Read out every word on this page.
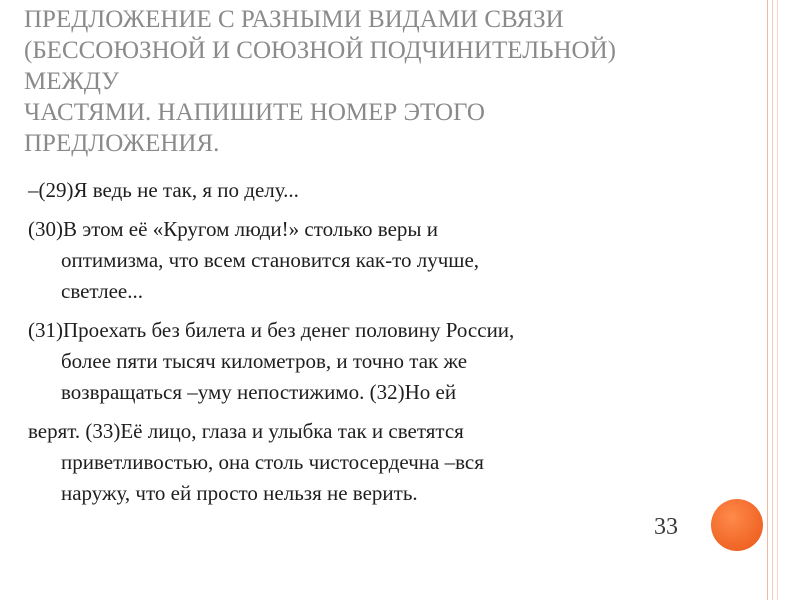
ПРЕДЛОЖЕНИЕ С РАЗНЫМИ ВИДАМИ СВЯЗИ
(БЕССОЮЗНОЙ И СОЮЗНОЙ ПОДЧИНИТЕЛЬНОЙ)
МЕЖДУ
ЧАСТЯМИ. НАПИШИТЕ НОМЕР ЭТОГО
ПРЕДЛОЖЕНИЯ.

–(29)Я ведь не так, я по делу...

(30)В этом её «Кругом люди!» столько веры и
оптимизма, что всем становится как-то лучше,
светлее...

(31)Проехать без билета и без денег половину России,
более пяти тысяч километров, и точно так же
возвращаться –уму непостижимо. (32)Но ей

верят. (33)Её лицо, глаза и улыбка так и светятся
приветливостью, она столь чистосердечна –вся
наружу, что ей просто нельзя не верить.

33
